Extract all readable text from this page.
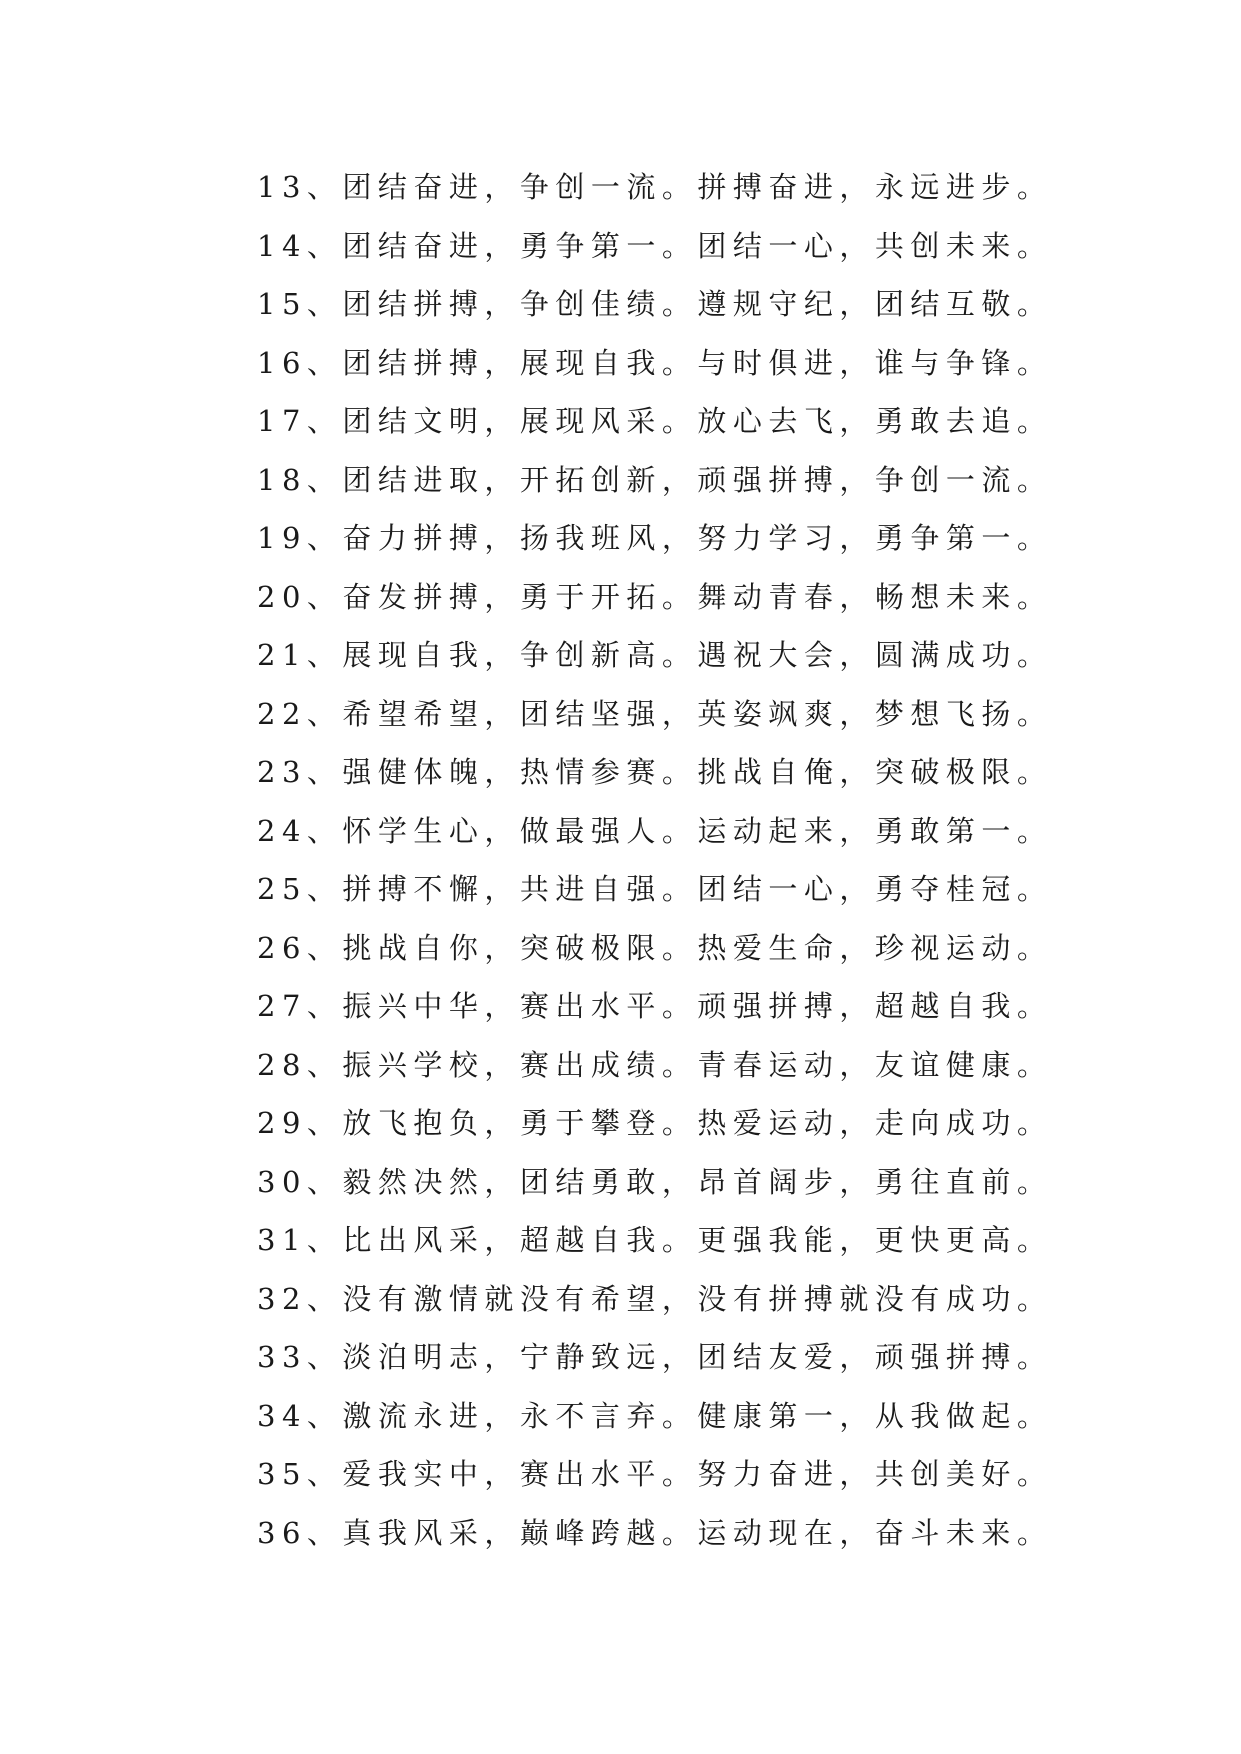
13、团结奋进，争创一流。拼搏奋进，永远进步。
14、团结奋进，勇争第一。团结一心，共创未来。
15、团结拼搏，争创佳绩。遵规守纪，团结互敬。
16、团结拼搏，展现自我。与时俱进，谁与争锋。
17、团结文明，展现风采。放心去飞，勇敢去追。
18、团结进取，开拓创新，顽强拼搏，争创一流。
19、奋力拼搏，扬我班风，努力学习，勇争第一。
20、奋发拼搏，勇于开拓。舞动青春，畅想未来。
21、展现自我，争创新高。遇祝大会，圆满成功。
22、希望希望，团结坚强，英姿飒爽，梦想飞扬。
23、强健体魄，热情参赛。挑战自俺，突破极限。
24、怀学生心，做最强人。运动起来，勇敢第一。
25、拼搏不懈，共进自强。团结一心，勇夺桂冠。
26、挑战自你，突破极限。热爱生命，珍视运动。
27、振兴中华，赛出水平。顽强拼搏，超越自我。
28、振兴学校，赛出成绩。青春运动，友谊健康。
29、放飞抱负，勇于攀登。热爱运动，走向成功。
30、毅然决然，团结勇敢，昂首阔步，勇往直前。
31、比出风采，超越自我。更强我能，更快更高。
32、没有激情就没有希望，没有拼搏就没有成功。
33、淡泊明志，宁静致远，团结友爱，顽强拼搏。
34、激流永进，永不言弃。健康第一，从我做起。
35、爱我实中，赛出水平。努力奋进，共创美好。
36、真我风采，巅峰跨越。运动现在，奋斗未来。
